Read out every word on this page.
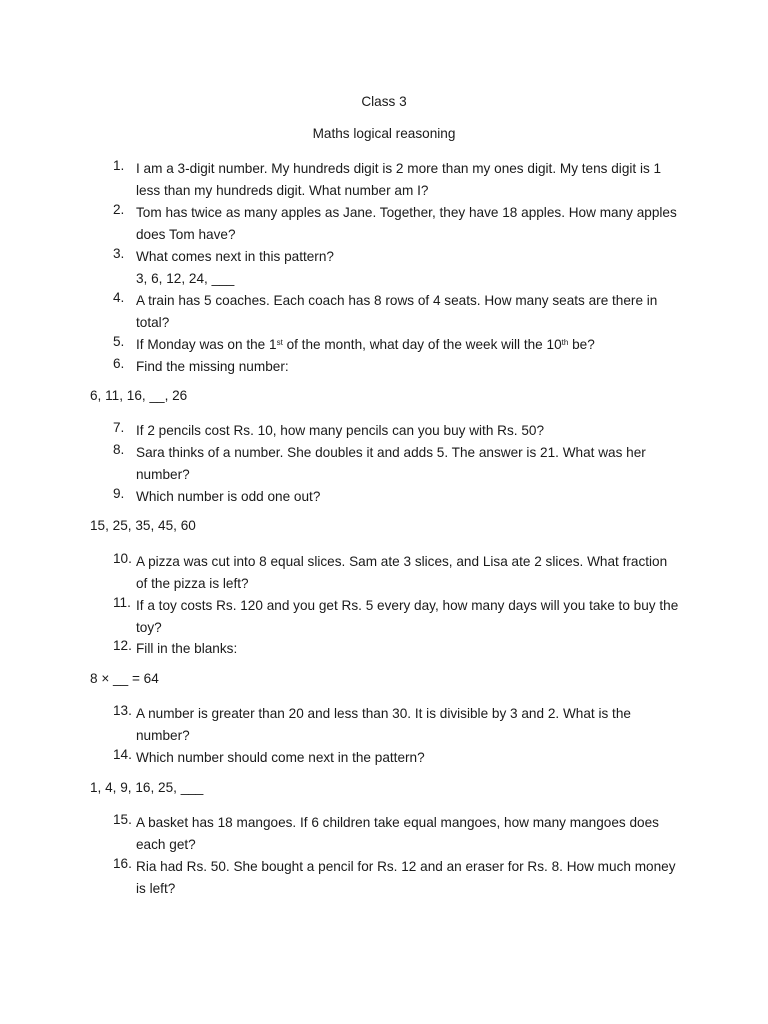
Class 3
Maths logical reasoning
1. I am a 3-digit number. My hundreds digit is 2 more than my ones digit. My tens digit is 1 less than my hundreds digit. What number am I?
2. Tom has twice as many apples as Jane. Together, they have 18 apples. How many apples does Tom have?
3. What comes next in this pattern?
3, 6, 12, 24, ___
4. A train has 5 coaches. Each coach has 8 rows of 4 seats. How many seats are there in total?
5. If Monday was on the 1st of the month, what day of the week will the 10th be?
6. Find the missing number:
6, 11, 16, __, 26
7. If 2 pencils cost Rs. 10, how many pencils can you buy with Rs. 50?
8. Sara thinks of a number. She doubles it and adds 5. The answer is 21. What was her number?
9. Which number is odd one out?
15, 25, 35, 45, 60
10. A pizza was cut into 8 equal slices. Sam ate 3 slices, and Lisa ate 2 slices. What fraction of the pizza is left?
11. If a toy costs Rs. 120 and you get Rs. 5 every day, how many days will you take to buy the toy?
12. Fill in the blanks:
8 × __ = 64
13. A number is greater than 20 and less than 30. It is divisible by 3 and 2. What is the number?
14. Which number should come next in the pattern?
1, 4, 9, 16, 25, ___
15. A basket has 18 mangoes. If 6 children take equal mangoes, how many mangoes does each get?
16. Ria had Rs. 50. She bought a pencil for Rs. 12 and an eraser for Rs. 8. How much money is left?
